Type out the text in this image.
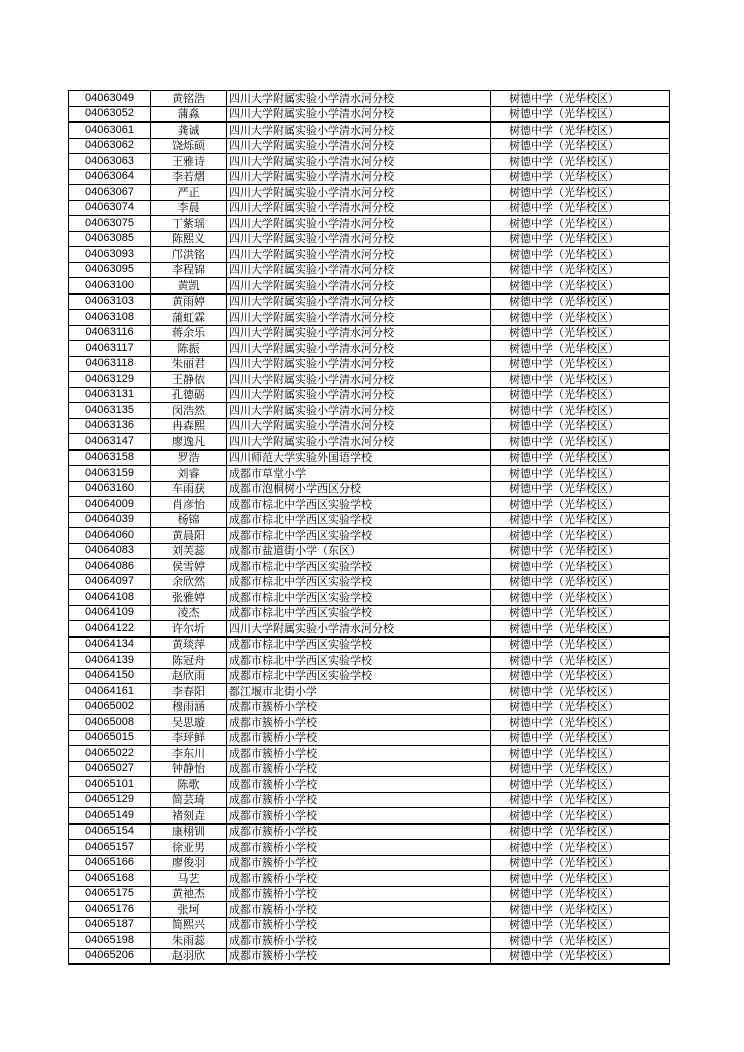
04063049	黄铭浩	四川大学附属实验小学清水河分校	树德中学（光华校区）
04063052	蒲淼	四川大学附属实验小学清水河分校	树德中学（光华校区）
04063061	龚诚	四川大学附属实验小学清水河分校	树德中学（光华校区）
04063062	饶烁硕	四川大学附属实验小学清水河分校	树德中学（光华校区）
04063063	王雅诗	四川大学附属实验小学清水河分校	树德中学（光华校区）
04063064	李若熠	四川大学附属实验小学清水河分校	树德中学（光华校区）
04063067	严正	四川大学附属实验小学清水河分校	树德中学（光华校区）
04063074	李晨	四川大学附属实验小学清水河分校	树德中学（光华校区）
04063075	丁紫瑶	四川大学附属实验小学清水河分校	树德中学（光华校区）
04063085	陈熙义	四川大学附属实验小学清水河分校	树德中学（光华校区）
04063093	邝洪铭	四川大学附属实验小学清水河分校	树德中学（光华校区）
04063095	李程锦	四川大学附属实验小学清水河分校	树德中学（光华校区）
04063100	黄凯	四川大学附属实验小学清水河分校	树德中学（光华校区）
04063103	黄雨婷	四川大学附属实验小学清水河分校	树德中学（光华校区）
04063108	蒲虹霖	四川大学附属实验小学清水河分校	树德中学（光华校区）
04063116	蒋余乐	四川大学附属实验小学清水河分校	树德中学（光华校区）
04063117	陈振	四川大学附属实验小学清水河分校	树德中学（光华校区）
04063118	朱丽君	四川大学附属实验小学清水河分校	树德中学（光华校区）
04063129	王静依	四川大学附属实验小学清水河分校	树德中学（光华校区）
04063131	孔德砺	四川大学附属实验小学清水河分校	树德中学（光华校区）
04063135	闵浩然	四川大学附属实验小学清水河分校	树德中学（光华校区）
04063136	冉森熙	四川大学附属实验小学清水河分校	树德中学（光华校区）
04063147	廖逸凡	四川大学附属实验小学清水河分校	树德中学（光华校区）
04063158	罗浩	四川师范大学实验外国语学校	树德中学（光华校区）
04063159	刘睿	成都市草堂小学	树德中学（光华校区）
04063160	车雨获	成都市泡桐树小学西区分校	树德中学（光华校区）
04064009	肖彦怡	成都市棕北中学西区实验学校	树德中学（光华校区）
04064039	杨锦	成都市棕北中学西区实验学校	树德中学（光华校区）
04064060	黄晨阳	成都市棕北中学西区实验学校	树德中学（光华校区）
04064083	刘芙蕊	成都市盐道街小学（东区）	树德中学（光华校区）
04064086	侯雪婷	成都市棕北中学西区实验学校	树德中学（光华校区）
04064097	余欣然	成都市棕北中学西区实验学校	树德中学（光华校区）
04064108	张雅婷	成都市棕北中学西区实验学校	树德中学（光华校区）
04064109	凌杰	成都市棕北中学西区实验学校	树德中学（光华校区）
04064122	许尔圻	四川大学附属实验小学清水河分校	树德中学（光华校区）
04064134	黄琰萍	成都市棕北中学西区实验学校	树德中学（光华校区）
04064139	陈冠舟	成都市棕北中学西区实验学校	树德中学（光华校区）
04064150	赵欣雨	成都市棕北中学西区实验学校	树德中学（光华校区）
04064161	李春阳	都江堰市北街小学	树德中学（光华校区）
04065002	穆雨涵	成都市簇桥小学校	树德中学（光华校区）
04065008	吴思璇	成都市簇桥小学校	树德中学（光华校区）
04065015	李玶鲜	成都市簇桥小学校	树德中学（光华校区）
04065022	李东川	成都市簇桥小学校	树德中学（光华校区）
04065027	钟静怡	成都市簇桥小学校	树德中学（光华校区）
04065101	陈歌	成都市簇桥小学校	树德中学（光华校区）
04065129	简芸琦	成都市簇桥小学校	树德中学（光华校区）
04065149	褚刻垚	成都市簇桥小学校	树德中学（光华校区）
04065154	康栩钏	成都市簇桥小学校	树德中学（光华校区）
04065157	徐亚男	成都市簇桥小学校	树德中学（光华校区）
04065166	廖俊羽	成都市簇桥小学校	树德中学（光华校区）
04065168	马艺	成都市簇桥小学校	树德中学（光华校区）
04065175	黄祂杰	成都市簇桥小学校	树德中学（光华校区）
04065176	张坷	成都市簇桥小学校	树德中学（光华校区）
04065187	简熙兴	成都市簇桥小学校	树德中学（光华校区）
04065198	朱雨蕊	成都市簇桥小学校	树德中学（光华校区）
04065206	赵羽欣	成都市簇桥小学校	树德中学（光华校区）
